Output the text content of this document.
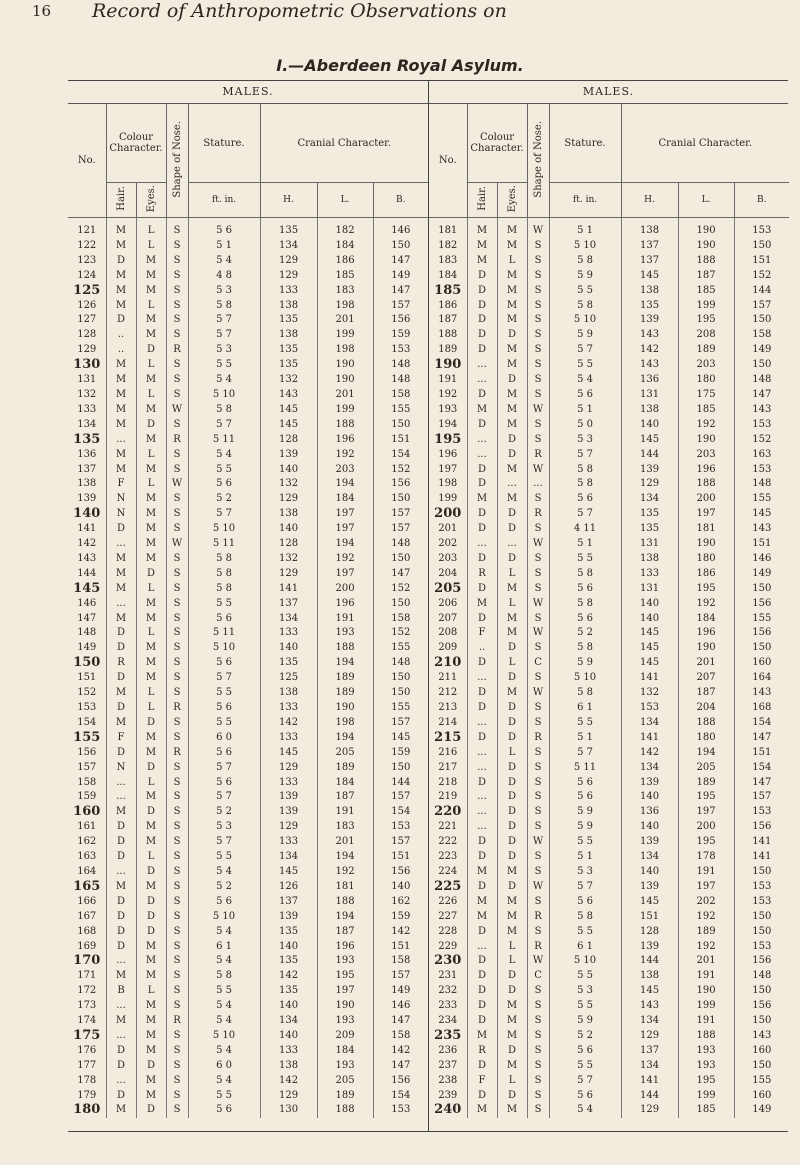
16 Record of Anthropometric Observations on
I.—Aberdeen Royal Asylum.
MALES.
No.	Colour Character.		Shape of Nose.	Stature.	Cranial Character.		
	Hair.	Eyes.		ft. in.	H.	L.	B.
121	M	L	S	5 6	135	182	146
122	M	L	S	5 1	134	184	150
123	D	M	S	5 4	129	186	147
124	M	M	S	4 8	129	185	149
125	M	M	S	5 3	133	183	147
126	M	L	S	5 8	138	198	157
127	D	M	S	5 7	135	201	156
128	..	M	S	5 7	138	199	159
129	..	D	R	5 3	135	198	153
130	M	L	S	5 5	135	190	148
131	M	M	S	5 4	132	190	148
132	M	L	S	5 10	143	201	158
133	M	M	W	5 8	145	199	155
134	M	D	S	5 7	145	188	150
135	...	M	R	5 11	128	196	151
136	M	L	S	5 4	139	192	154
137	M	M	S	5 5	140	203	152
138	F	L	W	5 6	132	194	156
139	N	M	S	5 2	129	184	150
140	N	M	S	5 7	138	197	157
141	D	M	S	5 10	140	197	157
142	...	M	W	5 11	128	194	148
143	M	M	S	5 8	132	192	150
144	M	D	S	5 8	129	197	147
145	M	L	S	5 8	141	200	152
146	...	M	S	5 5	137	196	150
147	M	M	S	5 6	134	191	158
148	D	L	S	5 11	133	193	152
149	D	M	S	5 10	140	188	155
150	R	M	S	5 6	135	194	148
151	D	M	S	5 7	125	189	150
152	M	L	S	5 5	138	189	150
153	D	L	R	5 6	133	190	155
154	M	D	S	5 5	142	198	157
155	F	M	S	6 0	133	194	145
156	D	M	R	5 6	145	205	159
157	N	D	S	5 7	129	189	150
158	...	L	S	5 6	133	184	144
159	...	M	S	5 7	139	187	157
160	M	D	S	5 2	139	191	154
161	D	M	S	5 3	129	183	153
162	D	M	S	5 7	133	201	157
163	D	L	S	5 5	134	194	151
164	...	D	S	5 4	145	192	156
165	M	M	S	5 2	126	181	140
166	D	D	S	5 6	137	188	162
167	D	D	S	5 10	139	194	159
168	D	D	S	5 4	135	187	142
169	D	M	S	6 1	140	196	151
170	...	M	S	5 4	135	193	158
171	M	M	S	5 8	142	195	157
172	B	L	S	5 5	135	197	149
173	...	M	S	5 4	140	190	146
174	M	M	R	5 4	134	193	147
175	...	M	S	5 10	140	209	158
176	D	M	S	5 4	133	184	142
177	D	D	S	6 0	138	193	147
178	...	M	S	5 4	142	205	156
179	D	M	S	5 5	129	189	154
180	M	D	S	5 6	130	188	153
MALES.
No.	Colour Character.		Shape of Nose.	Stature.	Cranial Character.		
	Hair.	Eyes.		ft. in.	H.	L.	B.
181	M	M	W	5 1	138	190	153
182	M	M	S	5 10	137	190	150
183	M	L	S	5 8	137	188	151
184	D	M	S	5 9	145	187	152
185	D	M	S	5 5	138	185	144
186	D	M	S	5 8	135	199	157
187	D	M	S	5 10	139	195	150
188	D	D	S	5 9	143	208	158
189	D	M	S	5 7	142	189	149
190	...	M	S	5 5	143	203	150
191	...	D	S	5 4	136	180	148
192	D	M	S	5 6	131	175	147
193	M	M	W	5 1	138	185	143
194	D	M	S	5 0	140	192	153
195	...	D	S	5 3	145	190	152
196	...	D	R	5 7	144	203	163
197	D	M	W	5 8	139	196	153
198	D	...	...	5 8	129	188	148
199	M	M	S	5 6	134	200	155
200	D	D	R	5 7	135	197	145
201	D	D	S	4 11	135	181	143
202	...	...	W	5 1	131	190	151
203	D	D	S	5 5	138	180	146
204	R	L	S	5 8	133	186	149
205	D	M	S	5 6	131	195	150
206	M	L	W	5 8	140	192	156
207	D	M	S	5 6	140	184	155
208	F	M	W	5 2	145	196	156
209	..	D	S	5 8	145	190	150
210	D	L	C	5 9	145	201	160
211	...	D	S	5 10	141	207	164
212	D	M	W	5 8	132	187	143
213	D	D	S	6 1	153	204	168
214	...	D	S	5 5	134	188	154
215	D	D	R	5 1	141	180	147
216	...	L	S	5 7	142	194	151
217	...	D	S	5 11	134	205	154
218	D	D	S	5 6	139	189	147
219	...	D	S	5 6	140	195	157
220	...	D	S	5 9	136	197	153
221	...	D	S	5 9	140	200	156
222	D	D	W	5 5	139	195	141
223	D	D	S	5 1	134	178	141
224	M	M	S	5 3	140	191	150
225	D	D	W	5 7	139	197	153
226	M	M	S	5 6	145	202	153
227	M	M	R	5 8	151	192	150
228	D	M	S	5 5	128	189	150
229	...	L	R	6 1	139	192	153
230	D	L	W	5 10	144	201	156
231	D	D	C	5 5	138	191	148
232	D	D	S	5 3	145	190	150
233	D	M	S	5 5	143	199	156
234	D	M	S	5 9	134	191	150
235	M	M	S	5 2	129	188	143
236	R	D	S	5 6	137	193	160
237	D	M	S	5 5	134	193	150
238	F	L	S	5 7	141	195	155
239	D	D	S	5 6	144	199	160
240	M	M	S	5 4	129	185	149
